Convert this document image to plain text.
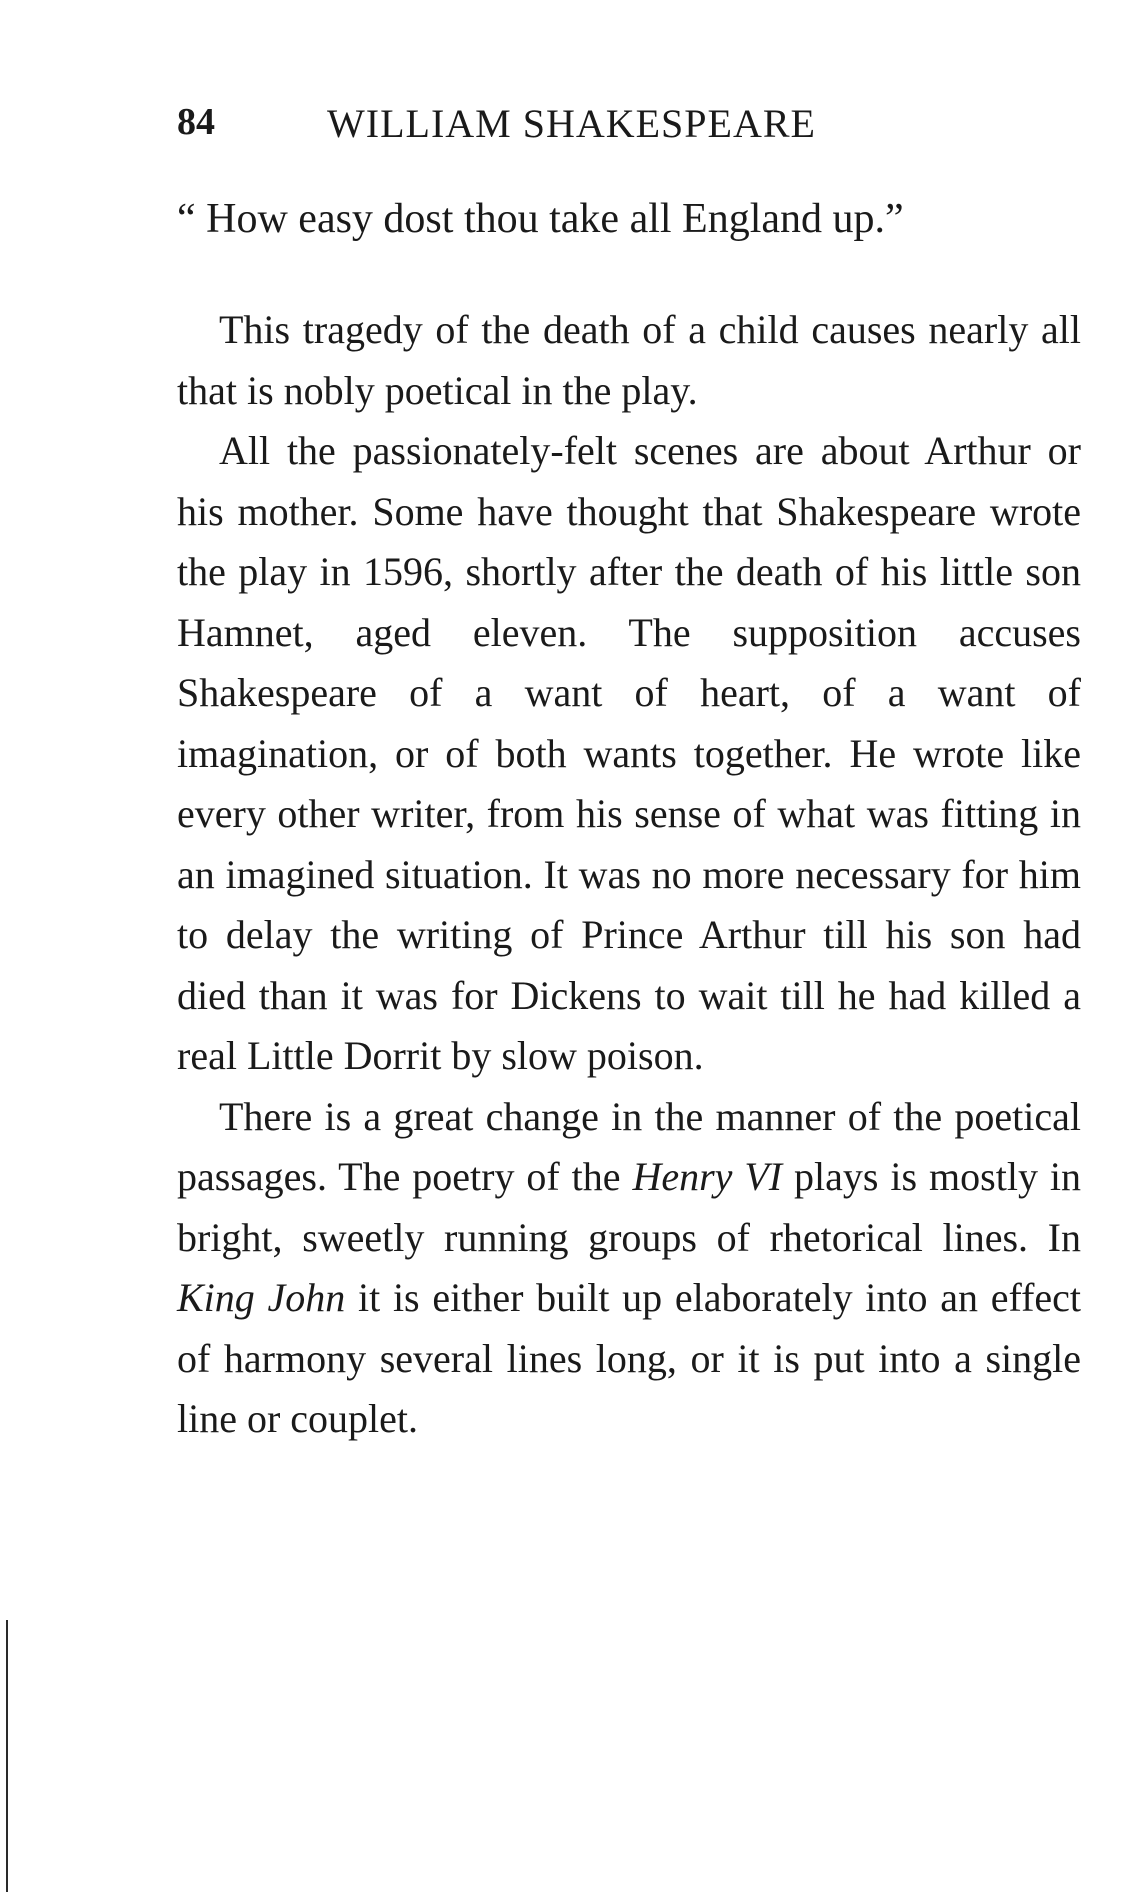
84	WILLIAM SHAKESPEARE
“ How easy dost thou take all England up.”

This tragedy of the death of a child causes nearly all that is nobly poetical in the play.

All the passionately-felt scenes are about Arthur or his mother. Some have thought that Shakespeare wrote the play in 1596, shortly after the death of his little son Hamnet, aged eleven. The supposition accuses Shakespeare of a want of heart, of a want of imagination, or of both wants together. He wrote like every other writer, from his sense of what was fitting in an imagined situation. It was no more necessary for him to delay the writing of Prince Arthur till his son had died than it was for Dickens to wait till he had killed a real Little Dorrit by slow poison.

There is a great change in the manner of the poetical passages. The poetry of the Henry VI plays is mostly in bright, sweetly running groups of rhetorical lines. In King John it is either built up elaborately into an effect of harmony several lines long, or it is put into a single line or couplet.
